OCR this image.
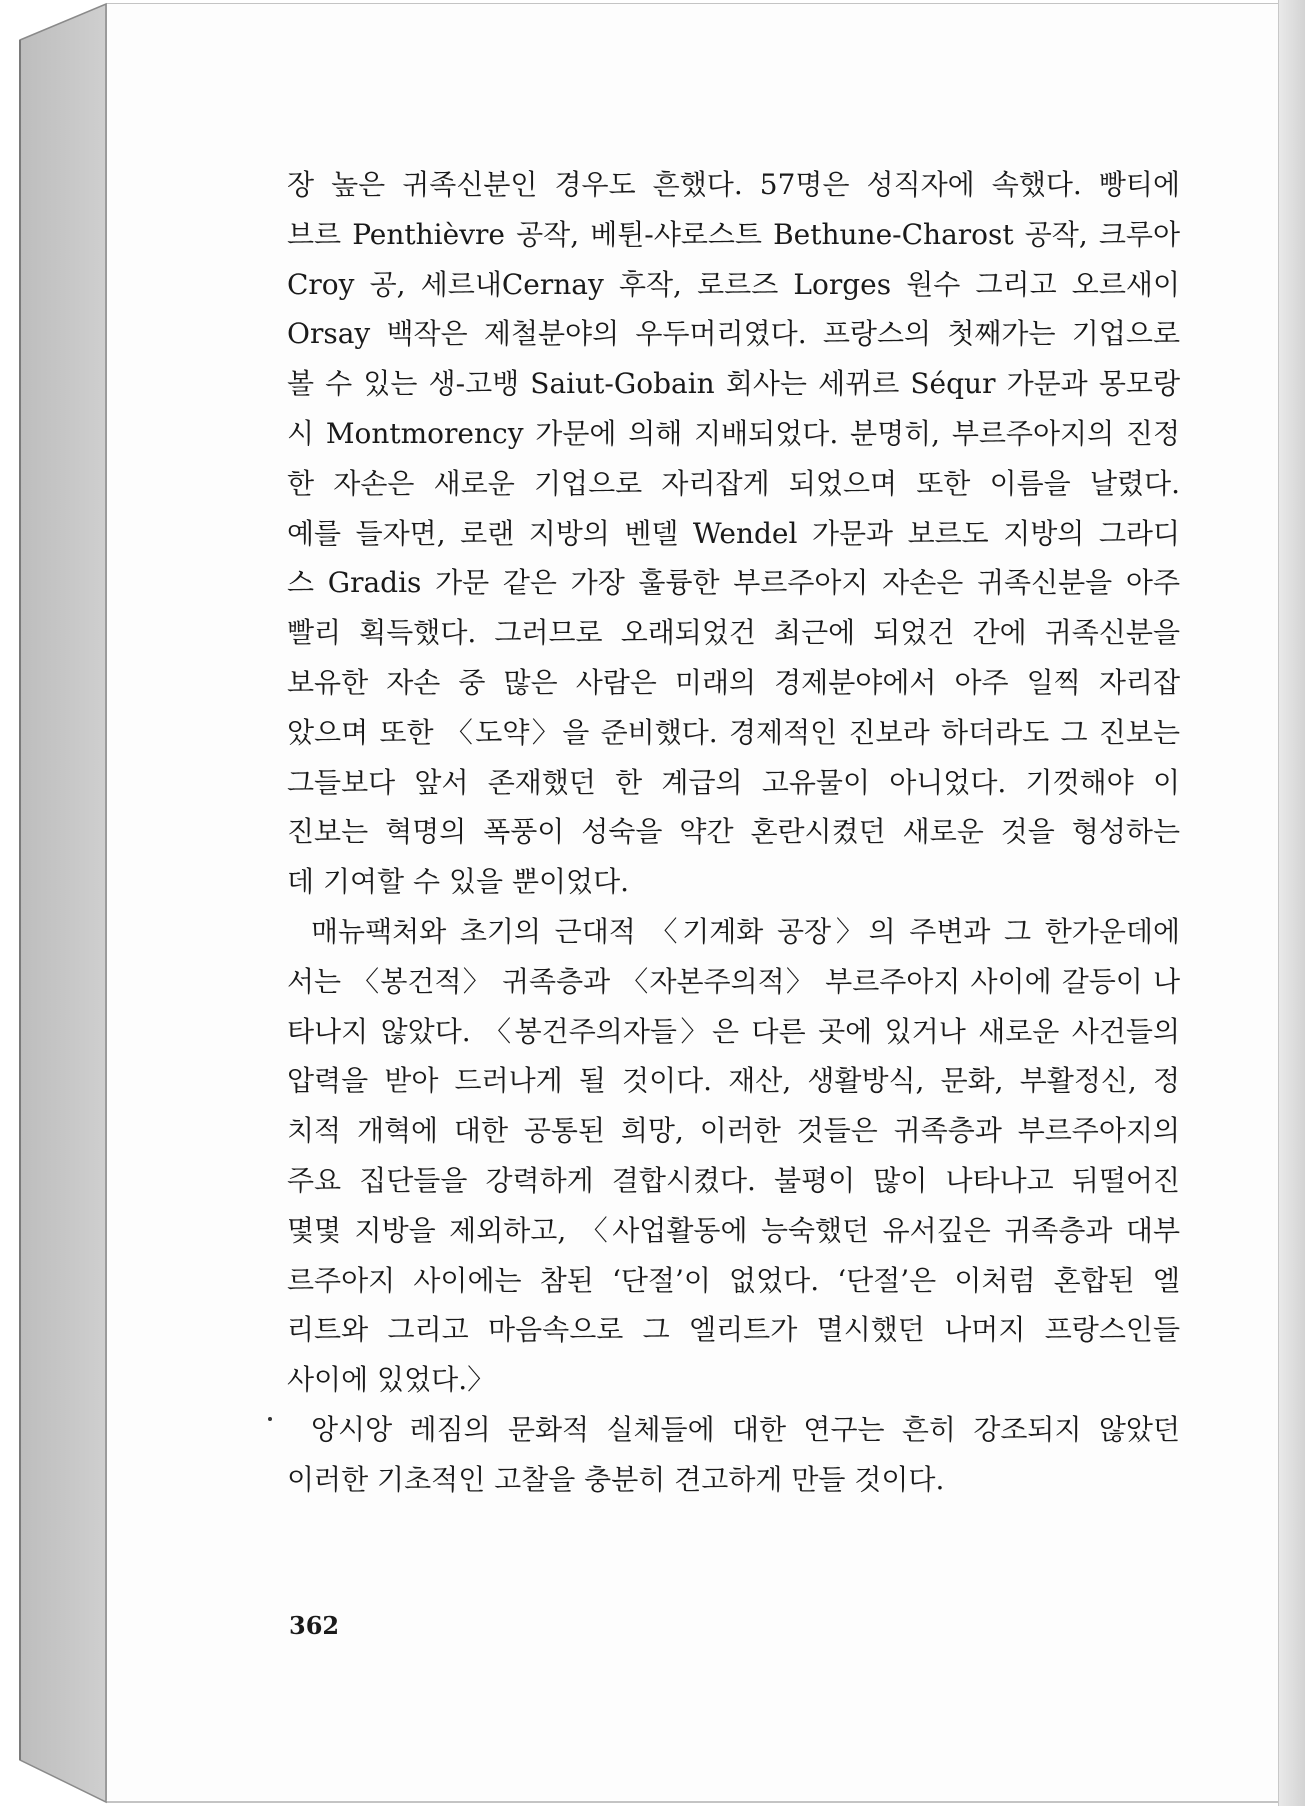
장 높은 귀족신분인 경우도 흔했다. 57명은 성직자에 속했다. 빵티에
브르 Penthièvre 공작, 베튄-샤로스트 Bethune-Charost 공작, 크루아
Croy 공, 세르내Cernay 후작, 로르즈 Lorges 원수 그리고 오르새이
Orsay 백작은 제철분야의 우두머리였다. 프랑스의 첫째가는 기업으로
볼 수 있는 생-고뱅 Saiut-Gobain 회사는 세뀌르 Séqur 가문과 몽모랑
시 Montmorency 가문에 의해 지배되었다. 분명히, 부르주아지의 진정
한 자손은 새로운 기업으로 자리잡게 되었으며 또한 이름을 날렸다.
예를 들자면, 로랜 지방의 벤델 Wendel 가문과 보르도 지방의 그라디
스 Gradis 가문 같은 가장 훌륭한 부르주아지 자손은 귀족신분을 아주
빨리 획득했다. 그러므로 오래되었건 최근에 되었건 간에 귀족신분을
보유한 자손 중 많은 사람은 미래의 경제분야에서 아주 일찍 자리잡
았으며 또한 〈도약〉을 준비했다. 경제적인 진보라 하더라도 그 진보는
그들보다 앞서 존재했던 한 계급의 고유물이 아니었다. 기껏해야 이
진보는 혁명의 폭풍이 성숙을 약간 혼란시켰던 새로운 것을 형성하는
데 기여할 수 있을 뿐이었다.
매뉴팩처와 초기의 근대적 〈기계화 공장〉의 주변과 그 한가운데에
서는 〈봉건적〉 귀족층과 〈자본주의적〉 부르주아지 사이에 갈등이 나
타나지 않았다. 〈봉건주의자들〉은 다른 곳에 있거나 새로운 사건들의
압력을 받아 드러나게 될 것이다. 재산, 생활방식, 문화, 부활정신, 정
치적 개혁에 대한 공통된 희망, 이러한 것들은 귀족층과 부르주아지의
주요 집단들을 강력하게 결합시켰다. 불평이 많이 나타나고 뒤떨어진
몇몇 지방을 제외하고, 〈사업활동에 능숙했던 유서깊은 귀족층과 대부
르주아지 사이에는 참된 ‘단절’이 없었다. ‘단절’은 이처럼 혼합된 엘
리트와 그리고 마음속으로 그 엘리트가 멸시했던 나머지 프랑스인들
사이에 있었다.〉
앙시앙 레짐의 문화적 실체들에 대한 연구는 흔히 강조되지 않았던
이러한 기초적인 고찰을 충분히 견고하게 만들 것이다.
362
